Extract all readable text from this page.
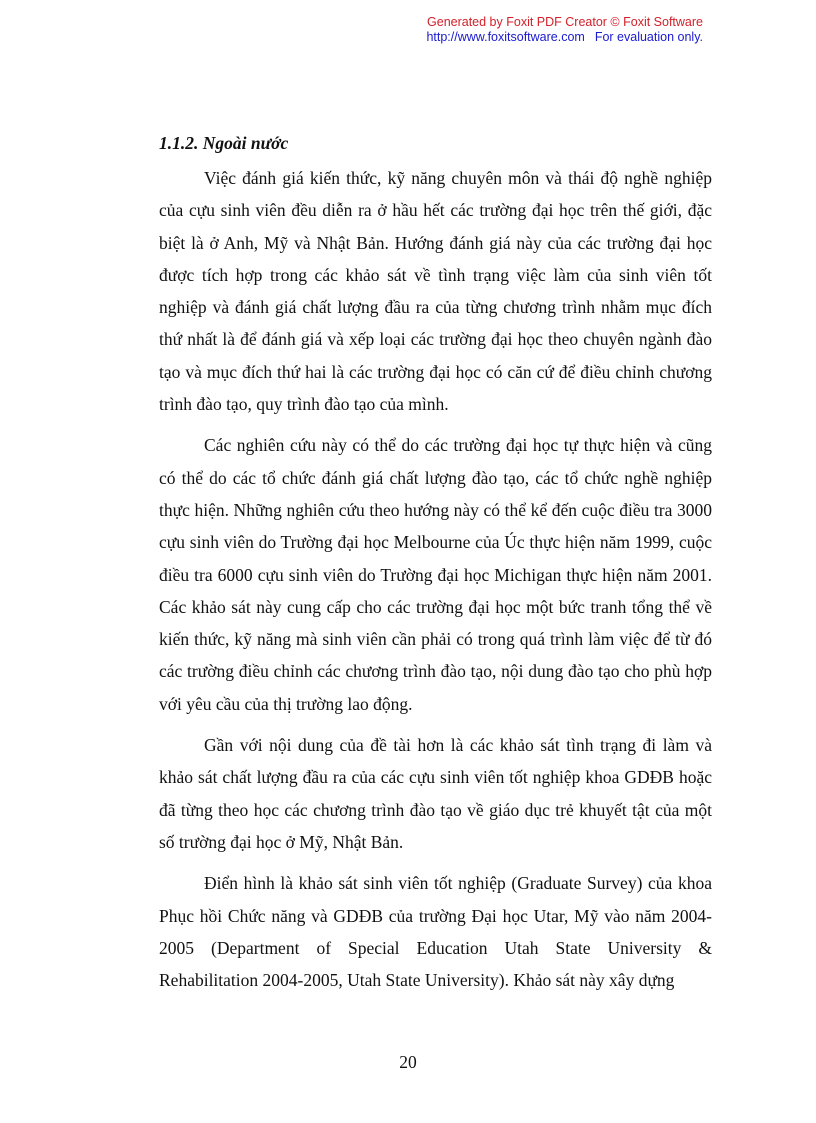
Generated by Foxit PDF Creator © Foxit Software
http://www.foxitsoftware.com For evaluation only.

1.1.2. Ngoài nước

Việc đánh giá kiến thức, kỹ năng chuyên môn và thái độ nghề nghiệp của cựu sinh viên đều diễn ra ở hầu hết các trường đại học trên thế giới, đặc biệt là ở Anh, Mỹ và Nhật Bản. Hướng đánh giá này của các trường đại học được tích hợp trong các khảo sát về tình trạng việc làm của sinh viên tốt nghiệp và đánh giá chất lượng đầu ra của từng chương trình nhằm mục đích thứ nhất là để đánh giá và xếp loại các trường đại học theo chuyên ngành đào tạo và mục đích thứ hai là các trường đại học có căn cứ để điều chỉnh chương trình đào tạo, quy trình đào tạo của mình.

Các nghiên cứu này có thể do các trường đại học tự thực hiện và cũng có thể do các tổ chức đánh giá chất lượng đào tạo, các tổ chức nghề nghiệp thực hiện. Những nghiên cứu theo hướng này có thể kể đến cuộc điều tra 3000 cựu sinh viên do Trường đại học Melbourne của Úc thực hiện năm 1999, cuộc điều tra 6000 cựu sinh viên do Trường đại học Michigan thực hiện năm 2001. Các khảo sát này cung cấp cho các trường đại học một bức tranh tổng thể về kiến thức, kỹ năng mà sinh viên cần phải có trong quá trình làm việc để từ đó các trường điều chỉnh các chương trình đào tạo, nội dung đào tạo cho phù hợp với yêu cầu của thị trường lao động.

Gần với nội dung của đề tài hơn là các khảo sát tình trạng đi làm và khảo sát chất lượng đầu ra của các cựu sinh viên tốt nghiệp khoa GDĐB hoặc đã từng theo học các chương trình đào tạo về giáo dục trẻ khuyết tật của một số trường đại học ở Mỹ, Nhật Bản.

Điển hình là khảo sát sinh viên tốt nghiệp (Graduate Survey) của khoa Phục hồi Chức năng và GDĐB của trường Đại học Utar, Mỹ vào năm 2004-2005 (Department of Special Education Utah State University & Rehabilitation 2004-2005, Utah State University). Khảo sát này xây dựng

20
